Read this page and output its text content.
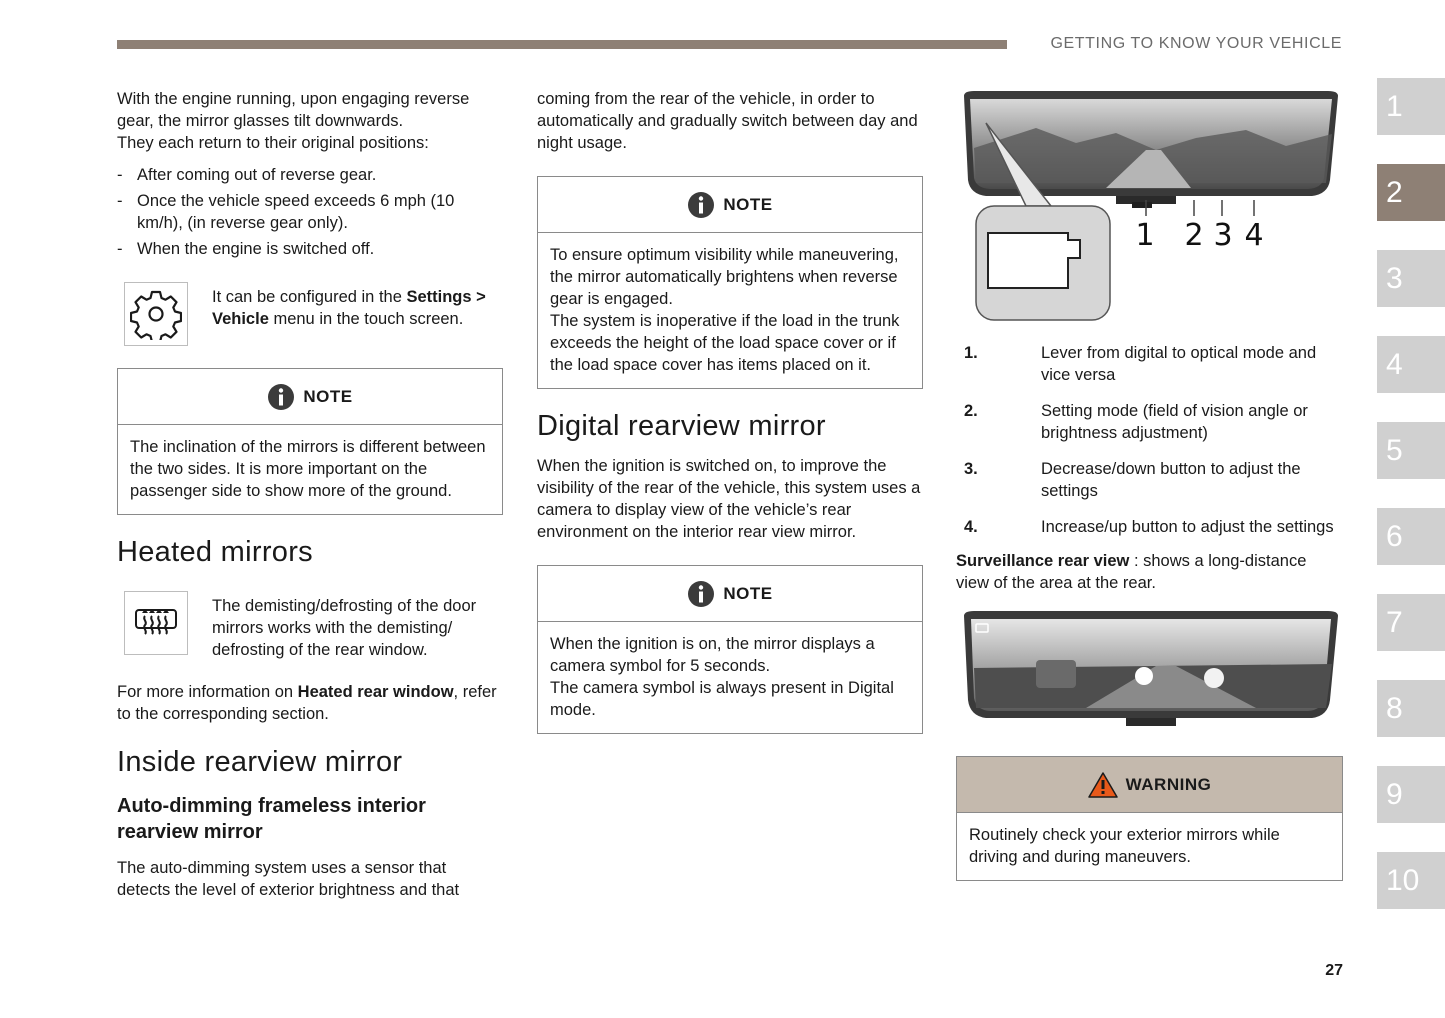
GETTING TO KNOW YOUR VEHICLE

With the engine running, upon engaging reverse gear, the mirror glasses tilt downwards.

They each return to their original positions:

- After coming out of reverse gear.
- Once the vehicle speed exceeds 6 mph (10 km/h), (in reverse gear only).
- When the engine is switched off.
It can be configured in the Settings > Vehicle menu in the touch screen.
NOTE
The inclination of the mirrors is different between the two sides. It is more important on the passenger side to show more of the ground.
Heated mirrors
The demisting/defrosting of the door mirrors works with the demisting/ defrosting of the rear window.

For more information on Heated rear window, refer to the corresponding section.

Inside rearview mirror
Auto-dimming frameless interior rearview mirror

The auto-dimming system uses a sensor that detects the level of exterior brightness and that

coming from the rear of the vehicle, in order to automatically and gradually switch between day and night usage.

NOTE

To ensure optimum visibility while maneuvering, the mirror automatically brightens when reverse gear is engaged.

The system is inoperative if the load in the trunk exceeds the height of the load space cover or if the load space cover has items placed on it.

Digital rearview mirror

When the ignition is switched on, to improve the visibility of the rear of the vehicle, this system uses a camera to display view of the vehicle’s rear environment on the interior rear view mirror.

NOTE

When the ignition is on, the mirror displays a camera symbol for 5 seconds.

The camera symbol is always present in Digital mode.

1 2 3 4
1.	Lever from digital to optical mode and vice versa
2.	Setting mode (field of vision angle or brightness adjustment)
3.	Decrease/down button to adjust the settings
4.	Increase/up button to adjust the settings

Surveillance rear view : shows a long-distance view of the area at the rear.

WARNING
Routinely check your exterior mirrors while driving and during maneuvers.
1
2
3
4
5
6
7
8
9
10
27
